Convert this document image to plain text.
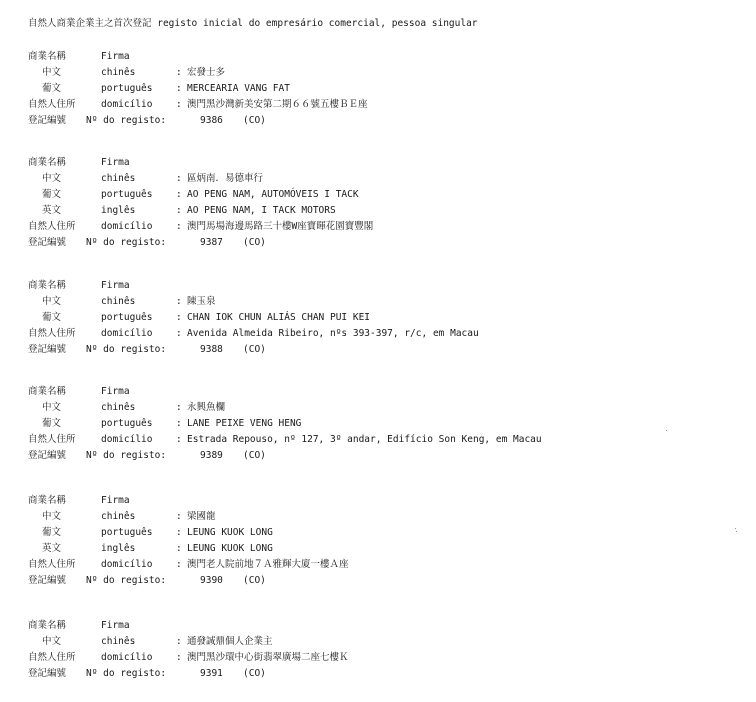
自然人商業企業主之首次登記 registo inicial do empresário comercial, pessoa singular
商業名稱	Firma
中文	chinês	: 宏發士多
葡文	português : MERCEARIA VANG FAT
自然人住所	domicílio : 澳門黑沙灣新美安第二期６６號五樓ＢＥ座
登記編號 Nº do registo:	9386 (CO)
商業名稱	Firma
中文	chinês	: 區炳南．易德車行
葡文	português : AO PENG NAM, AUTOMÓVEIS I TACK
英文	inglês	: AO PENG NAM, I TACK MOTORS
自然人住所	domicílio : 澳門馬場海邊馬路三十樓W座寶暉花園寶豐閣
登記編號 Nº do registo:	9387 (CO)
商業名稱	Firma
中文	chinês	: 陳玉泉
葡文	português : CHAN IOK CHUN ALIÁS CHAN PUI KEI
自然人住所	domicílio : Avenida Almeida Ribeiro, nºs 393-397, r/c, em Macau
登記編號 Nº do registo:	9388 (CO)
商業名稱	Firma
中文	chinês	: 永興魚欄
葡文	português : LANE PEIXE VENG HENG
自然人住所	domicílio : Estrada Repouso, nº 127, 3º andar, Edifício Son Keng, em Macau
登記編號 Nº do registo:	9389 (CO)
商業名稱	Firma
中文	chinês	: 梁國龍
葡文	português : LEUNG KUOK LONG
英文	inglês	: LEUNG KUOK LONG
自然人住所	domicílio : 澳門老人院前地７Ａ雅輝大廈一樓Ａ座
登記編號 Nº do registo:	9390 (CO)
商業名稱	Firma
中文	chinês	: 通發誠鼎個人企業主
自然人住所	domicílio : 澳門黑沙環中心街翡翠廣場二座七樓Ｋ
登記編號 Nº do registo:	9391 (CO)
